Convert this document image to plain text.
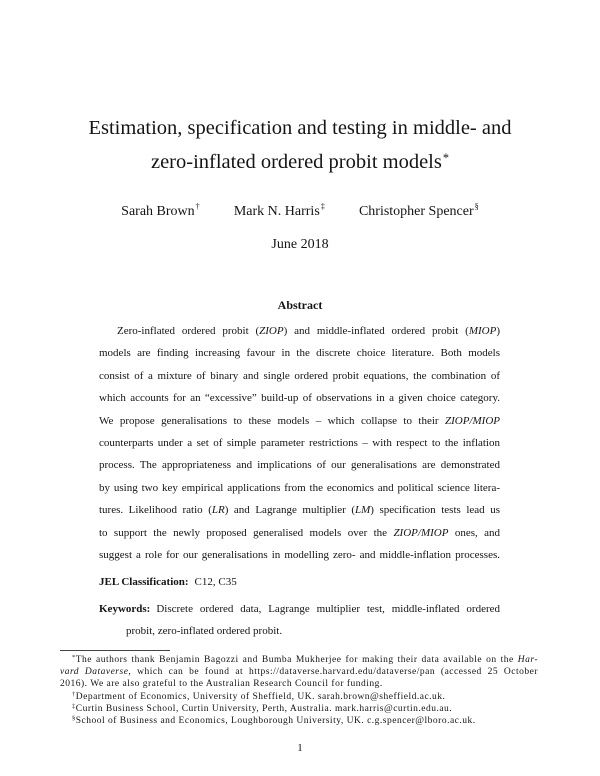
Estimation, specification and testing in middle- and
zero-inflated ordered probit models*
Sarah Brown† Mark N. Harris‡ Christopher Spencer§
June 2018
Abstract
Zero-inflated ordered probit (ZIOP) and middle-inflated ordered probit (MIOP)
models are finding increasing favour in the discrete choice literature. Both models
consist of a mixture of binary and single ordered probit equations, the combination of
which accounts for an “excessive” build-up of observations in a given choice category.
We propose generalisations to these models – which collapse to their ZIOP/MIOP
counterparts under a set of simple parameter restrictions – with respect to the inflation
process. The appropriateness and implications of our generalisations are demonstrated
by using two key empirical applications from the economics and political science litera-
tures. Likelihood ratio (LR) and Lagrange multiplier (LM) specification tests lead us
to support the newly proposed generalised models over the ZIOP/MIOP ones, and
suggest a role for our generalisations in modelling zero- and middle-inflation processes.
JEL Classification: C12, C35
Keywords: Discrete ordered data, Lagrange multiplier test, middle-inflated ordered
probit, zero-inflated ordered probit.
*The authors thank Benjamin Bagozzi and Bumba Mukherjee for making their data available on the Har-
vard Dataverse, which can be found at https://dataverse.harvard.edu/dataverse/pan (accessed 25 October
2016). We are also grateful to the Australian Research Council for funding.
†Department of Economics, University of Sheffield, UK. sarah.brown@sheffield.ac.uk.
‡Curtin Business School, Curtin University, Perth, Australia. mark.harris@curtin.edu.au.
§School of Business and Economics, Loughborough University, UK. c.g.spencer@lboro.ac.uk.
1
